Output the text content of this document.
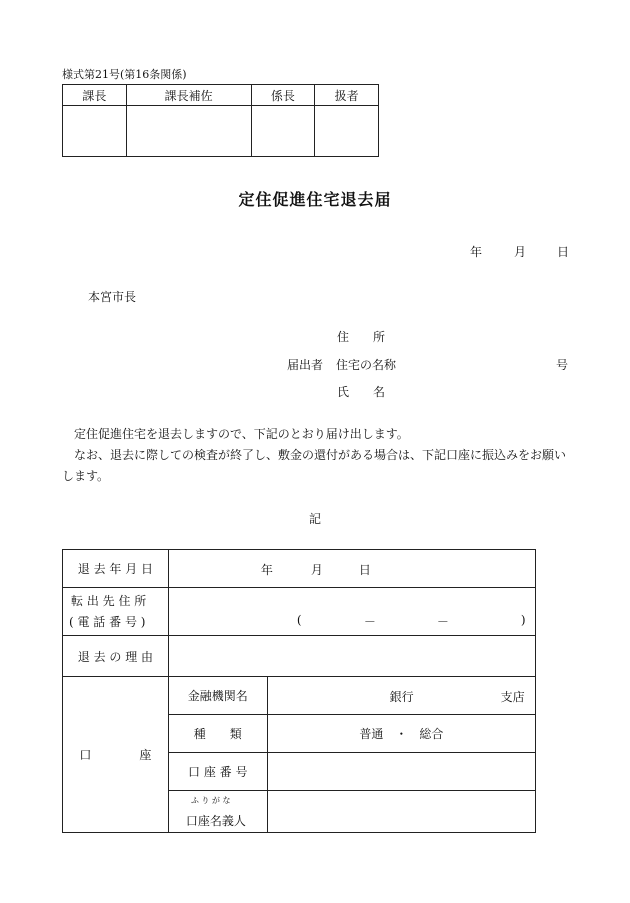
様式第21号(第16条関係)
課長	課長補佐	係長	扱者

定住促進住宅退去届
年	月	日
本宮市長
住　　所
届出者 住宅の名称	号
氏　　名
定住促進住宅を退去しますので、下記のとおり届け出します。
なお、退去に際しての検査が終了し、敷金の還付がある場合は、下記口座に振込みをお願いします。
記
退 去 年 月 日	年 月 日	

転 出 先 住 所
( 電 話 番 号 )	( － － )	

退 去 の 理 由		
口　　　　座	金融機関名	銀行 支店

	種　　類	普通　・　総合
	口 座 番 号	

	ふ り が な
口座名義人	
